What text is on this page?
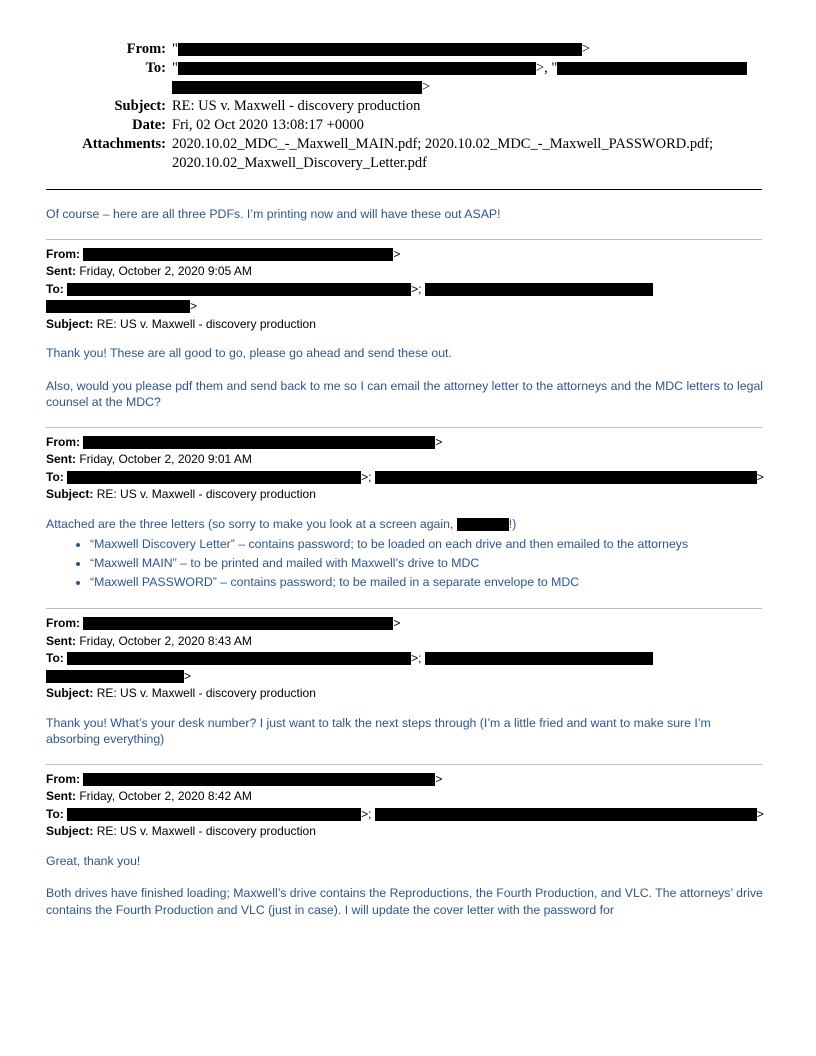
From:	" >
To:	" >, "
>
Subject:	RE: US v. Maxwell - discovery production
Date:	Fri, 02 Oct 2020 13:08:17 +0000
Attachments:	2020.10.02_MDC_-_Maxwell_MAIN.pdf; 2020.10.02_MDC_-_Maxwell_PASSWORD.pdf; 2020.10.02_Maxwell_Discovery_Letter.pdf

Of course – here are all three PDFs. I’m printing now and will have these out ASAP!

From:	>
Sent: Friday, October 2, 2020 9:05 AM
To:	>;
>
Subject: RE: US v. Maxwell - discovery production

Thank you! These are all good to go, please go ahead and send these out.

Also, would you please pdf them and send back to me so I can email the attorney letter to the attorneys and the MDC letters to legal counsel at the MDC?

From:	>
Sent: Friday, October 2, 2020 9:01 AM
To:	>;	>
Subject: RE: US v. Maxwell - discovery production

Attached are the three letters (so sorry to make you look at a screen again,	!)

• “Maxwell Discovery Letter” – contains password; to be loaded on each drive and then emailed to the attorneys
• “Maxwell MAIN” – to be printed and mailed with Maxwell’s drive to MDC
• “Maxwell PASSWORD” – contains password; to be mailed in a separate envelope to MDC
From:	>
Sent: Friday, October 2, 2020 8:43 AM
To:	>;
>
Subject: RE: US v. Maxwell - discovery production

Thank you! What’s your desk number? I just want to talk the next steps through (I’m a little fried and want to make sure I’m absorbing everything)

From:	>
Sent: Friday, October 2, 2020 8:42 AM
To:	>;	>
Subject: RE: US v. Maxwell - discovery production

Great, thank you!

Both drives have finished loading; Maxwell’s drive contains the Reproductions, the Fourth Production, and VLC. The attorneys’ drive contains the Fourth Production and VLC (just in case). I will update the cover letter with the password for
